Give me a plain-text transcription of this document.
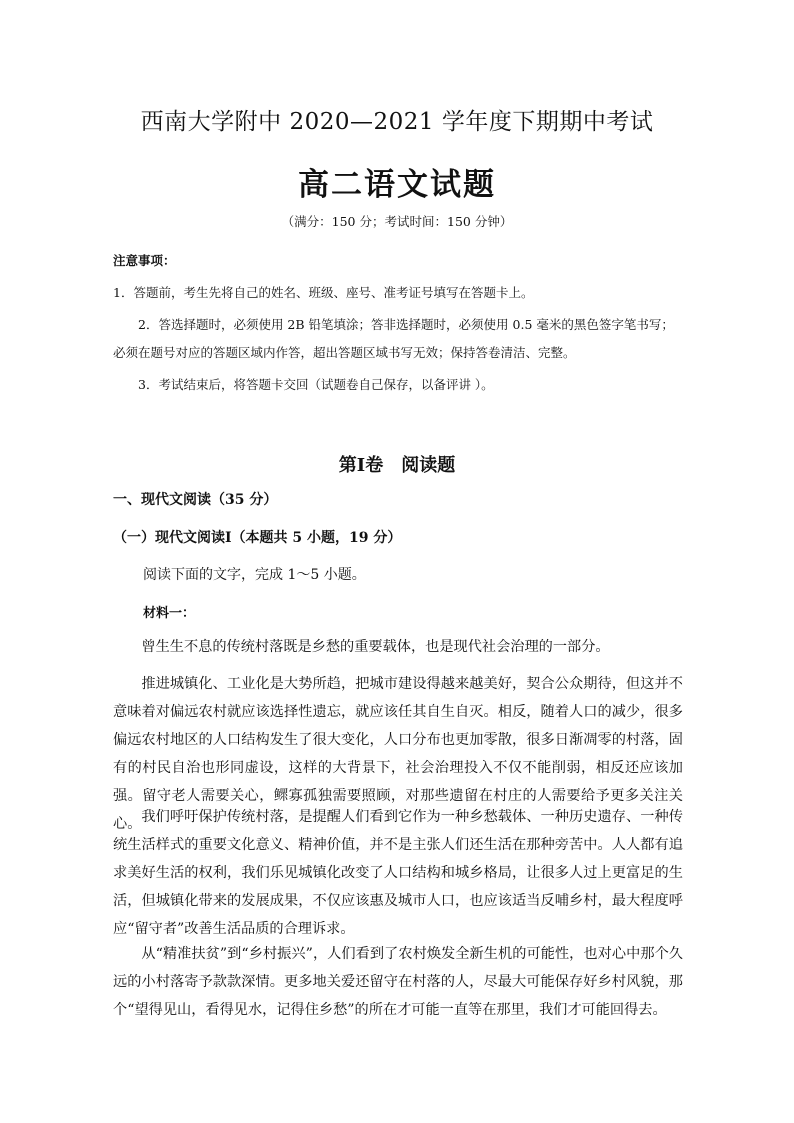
西南大学附中 2020—2021 学年度下期期中考试
高二语文试题
（满分：150 分；考试时间：150 分钟）
注意事项：
1．答题前，考生先将自己的姓名、班级、座号、准考证号填写在答题卡上。
2．答选择题时，必须使用 2B 铅笔填涂；答非选择题时，必须使用 0.5 毫米的黑色签字笔书写；必须在题号对应的答题区域内作答，超出答题区域书写无效；保持答卷清洁、完整。
3．考试结束后，将答题卡交回（试题卷自己保存，以备评讲 ）。
第Ⅰ卷　阅读题
一、现代文阅读（35 分）
（一）现代文阅读Ⅰ（本题共 5 小题，19 分）
阅读下面的文字，完成 1～5 小题。
材料一：
曾生生不息的传统村落既是乡愁的重要载体，也是现代社会治理的一部分。
推进城镇化、工业化是大势所趋，把城市建设得越来越美好，契合公众期待，但这并不意味着对偏远农村就应该选择性遗忘，就应该任其自生自灭。相反，随着人口的减少，很多偏远农村地区的人口结构发生了很大变化，人口分布也更加零散，很多日渐凋零的村落，固有的村民自治也形同虚设，这样的大背景下，社会治理投入不仅不能削弱，相反还应该加强。留守老人需要关心，鳏寡孤独需要照顾，对那些遗留在村庄的人需要给予更多关注关心。 我们呼吁保护传统村落，是提醒人们看到它作为一种乡愁载体、一种历史遗存、一种传统生活样式的重要文化意义、精神价值，并不是主张人们还生活在那种旁苦中。人人都有追求美好生活的权利，我们乐见城镇化改变了人口结构和城乡格局，让很多人过上更富足的生活，但城镇化带来的发展成果，不仅应该惠及城市人口，也应该适当反哺乡村，最大程度呼应“留守者”改善生活品质的合理诉求。
从“精准扶贫”到“乡村振兴”，人们看到了农村焕发全新生机的可能性，也对心中那个久远的小村落寄予款款深情。更多地关爱还留守在村落的人，尽最大可能保存好乡村风貌，那个“望得见山，看得见水，记得住乡愁”的所在才可能一直等在那里，我们才可能回得去。
